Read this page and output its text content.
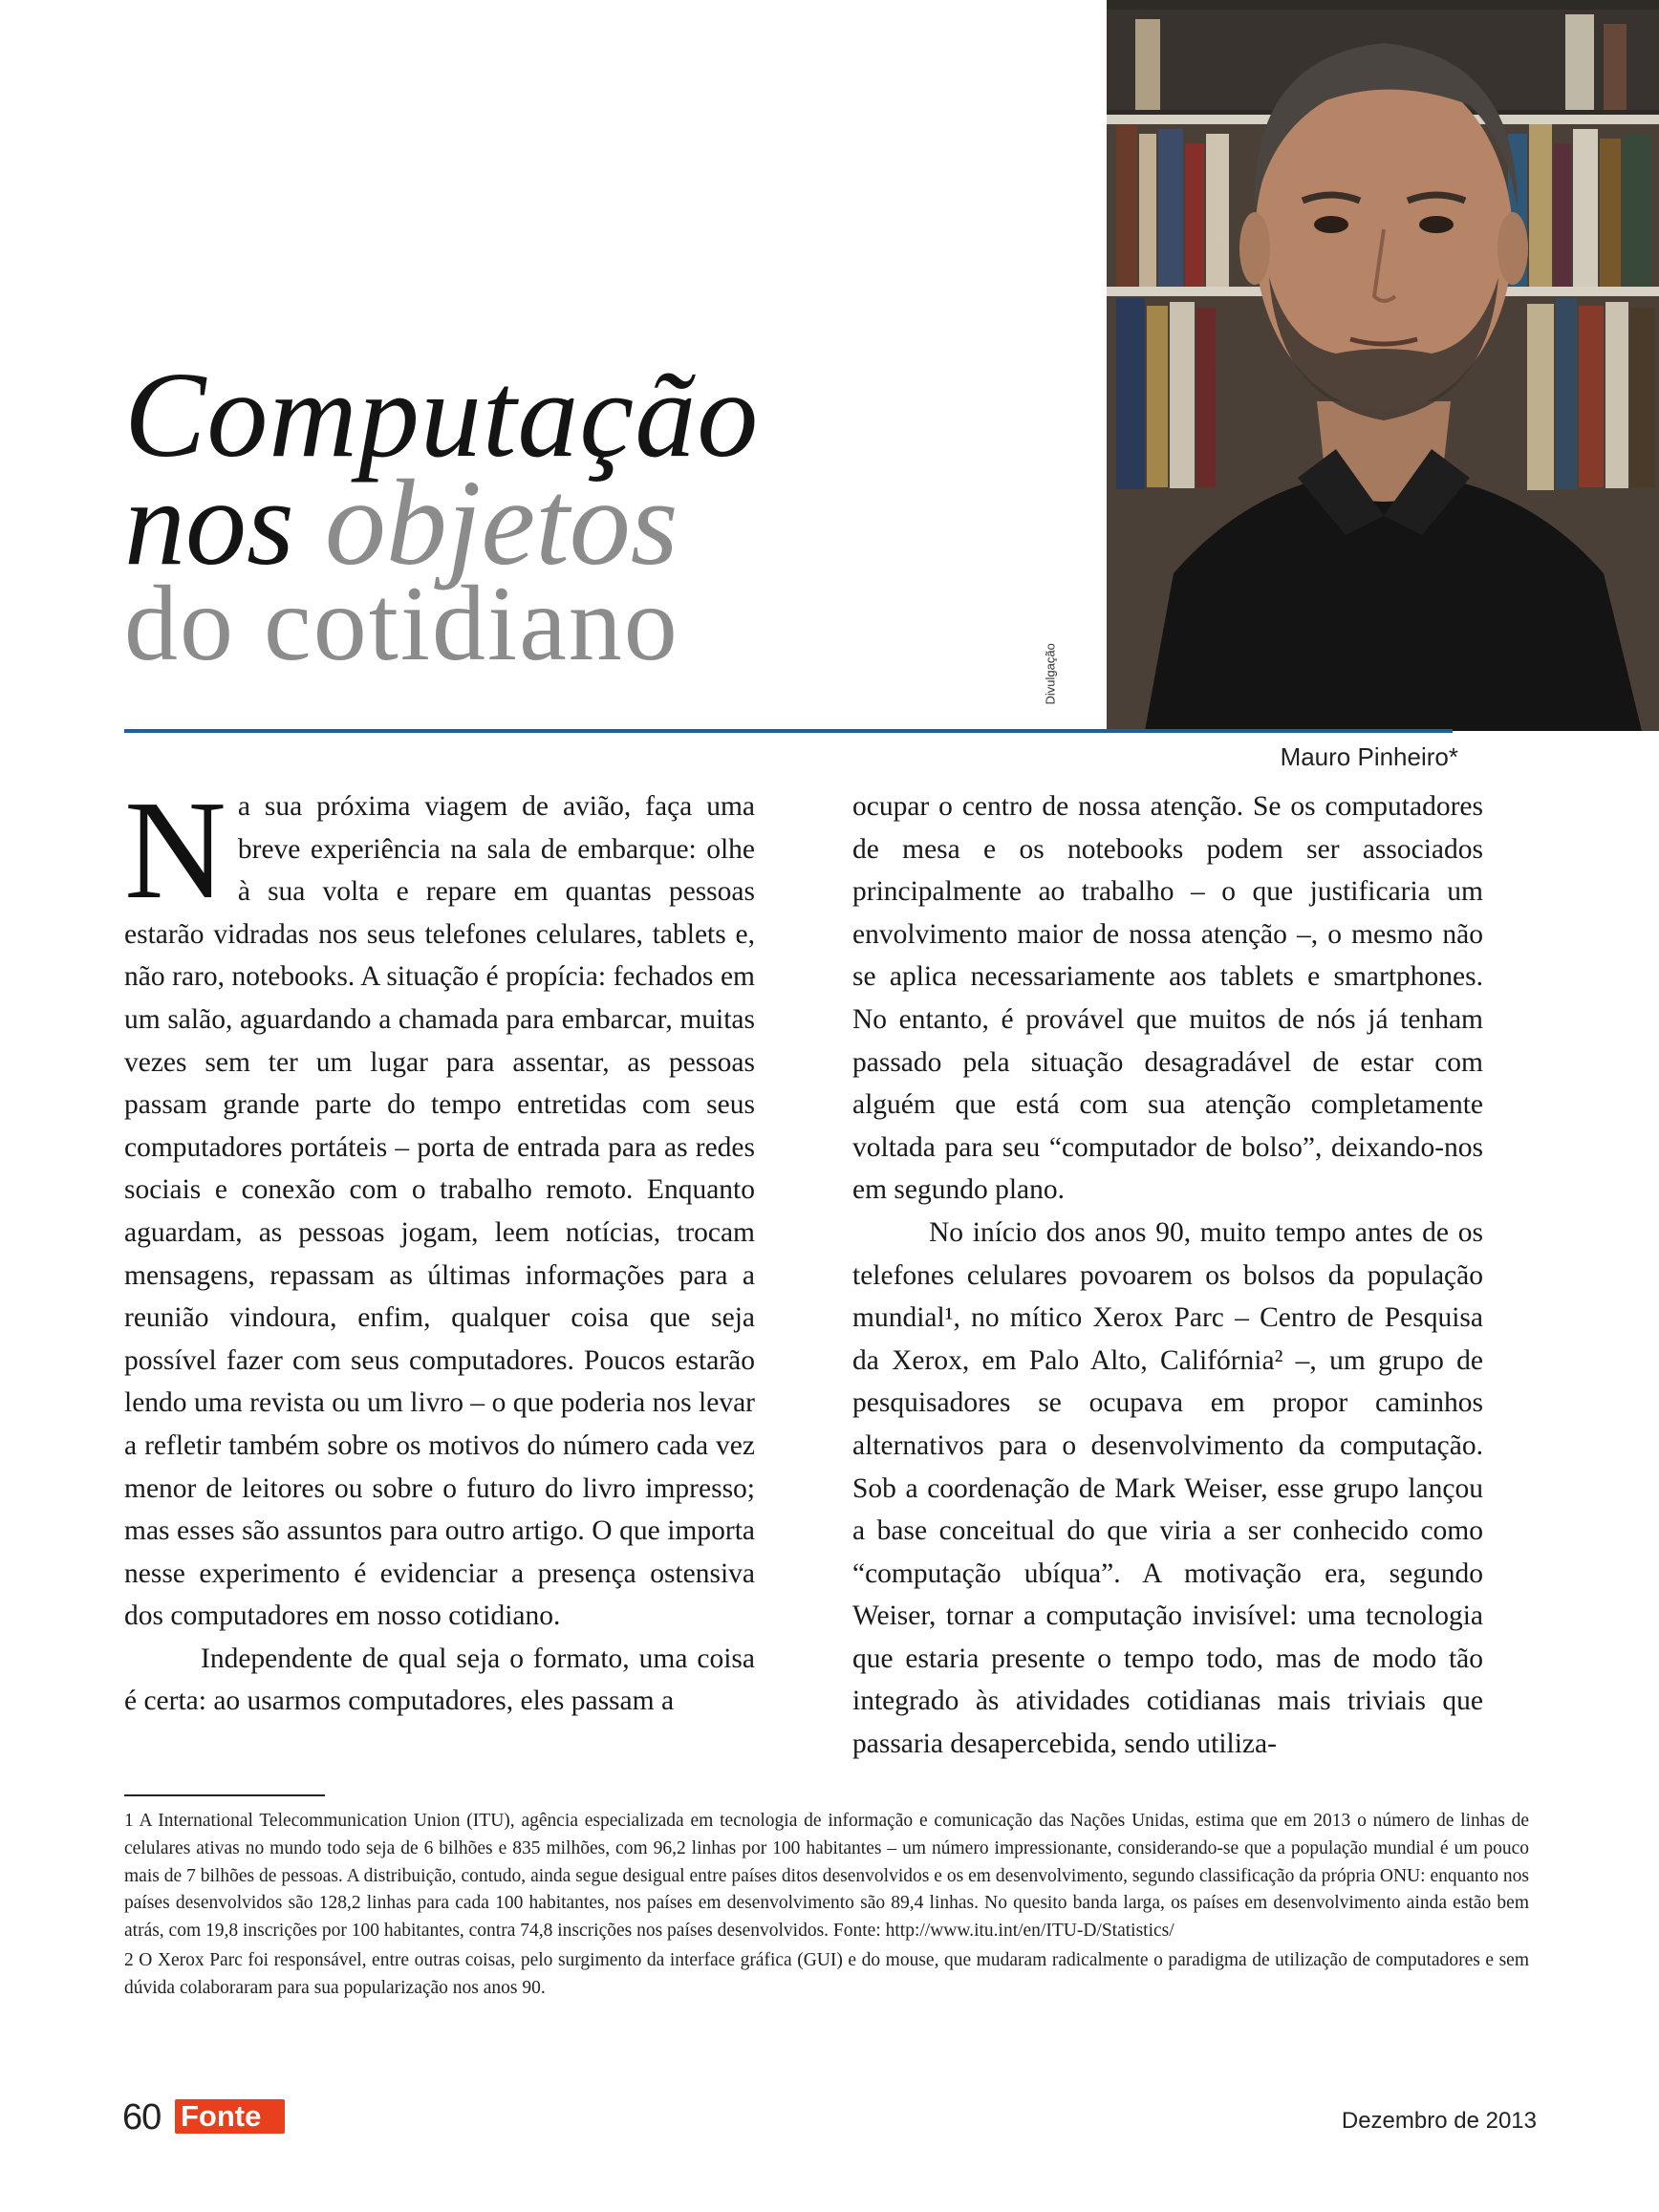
Computação
nos objetos
do cotidiano	Divulgação
Mauro Pinheiro*

Na sua próxima viagem de avião, faça uma breve experiência na sala de embarque: olhe à sua volta e repare em quantas pessoas estarão vidradas nos seus telefones celulares, tablets e, não raro, notebooks. A situação é propícia: fechados em um salão, aguardando a chamada para embarcar, muitas vezes sem ter um lugar para assentar, as pessoas passam grande parte do tempo entretidas com seus computadores portáteis – porta de entrada para as redes sociais e conexão com o trabalho remoto. Enquanto aguardam, as pessoas jogam, leem notícias, trocam mensagens, repassam as últimas informações para a reunião vindoura, enfim, qualquer coisa que seja possível fazer com seus computadores. Poucos estarão lendo uma revista ou um livro – o que poderia nos levar a refletir também sobre os motivos do número cada vez menor de leitores ou sobre o futuro do livro impresso; mas esses são assuntos para outro artigo. O que importa nesse experimento é evidenciar a presença ostensiva dos computadores em nosso cotidiano.

Independente de qual seja o formato, uma coisa é certa: ao usarmos computadores, eles passam a

ocupar o centro de nossa atenção. Se os computadores de mesa e os notebooks podem ser associados principalmente ao trabalho – o que justificaria um envolvimento maior de nossa atenção –, o mesmo não se aplica necessariamente aos tablets e smartphones. No entanto, é provável que muitos de nós já tenham passado pela situação desagradável de estar com alguém que está com sua atenção completamente voltada para seu “computador de bolso”, deixando-nos em segundo plano.

No início dos anos 90, muito tempo antes de os telefones celulares povoarem os bolsos da população mundial¹, no mítico Xerox Parc – Centro de Pesquisa da Xerox, em Palo Alto, Califórnia² –, um grupo de pesquisadores se ocupava em propor caminhos alternativos para o desenvolvimento da computação. Sob a coordenação de Mark Weiser, esse grupo lançou a base conceitual do que viria a ser conhecido como “computação ubíqua”. A motivação era, segundo Weiser, tornar a computação invisível: uma tecnologia que estaria presente o tempo todo, mas de modo tão integrado às atividades cotidianas mais triviais que passaria desapercebida, sendo utiliza-

1 A International Telecommunication Union (ITU), agência especializada em tecnologia de informação e comunicação das Nações Unidas, estima que em 2013 o número de linhas de celulares ativas no mundo todo seja de 6 bilhões e 835 milhões, com 96,2 linhas por 100 habitantes – um número impressionante, considerando-se que a população mundial é um pouco mais de 7 bilhões de pessoas. A distribuição, contudo, ainda segue desigual entre países ditos desenvolvidos e os em desenvolvimento, segundo classificação da própria ONU: enquanto nos países desenvolvidos são 128,2 linhas para cada 100 habitantes, nos países em desenvolvimento são 89,4 linhas. No quesito banda larga, os países em desenvolvimento ainda estão bem atrás, com 19,8 inscrições por 100 habitantes, contra 74,8 inscrições nos países desenvolvidos. Fonte: http://www.itu.int/en/ITU-D/Statistics/

2 O Xerox Parc foi responsável, entre outras coisas, pelo surgimento da interface gráfica (GUI) e do mouse, que mudaram radicalmente o paradigma de utilização de computadores e sem dúvida colaboraram para sua popularização nos anos 90.

60 Fonte	Dezembro de 2013
